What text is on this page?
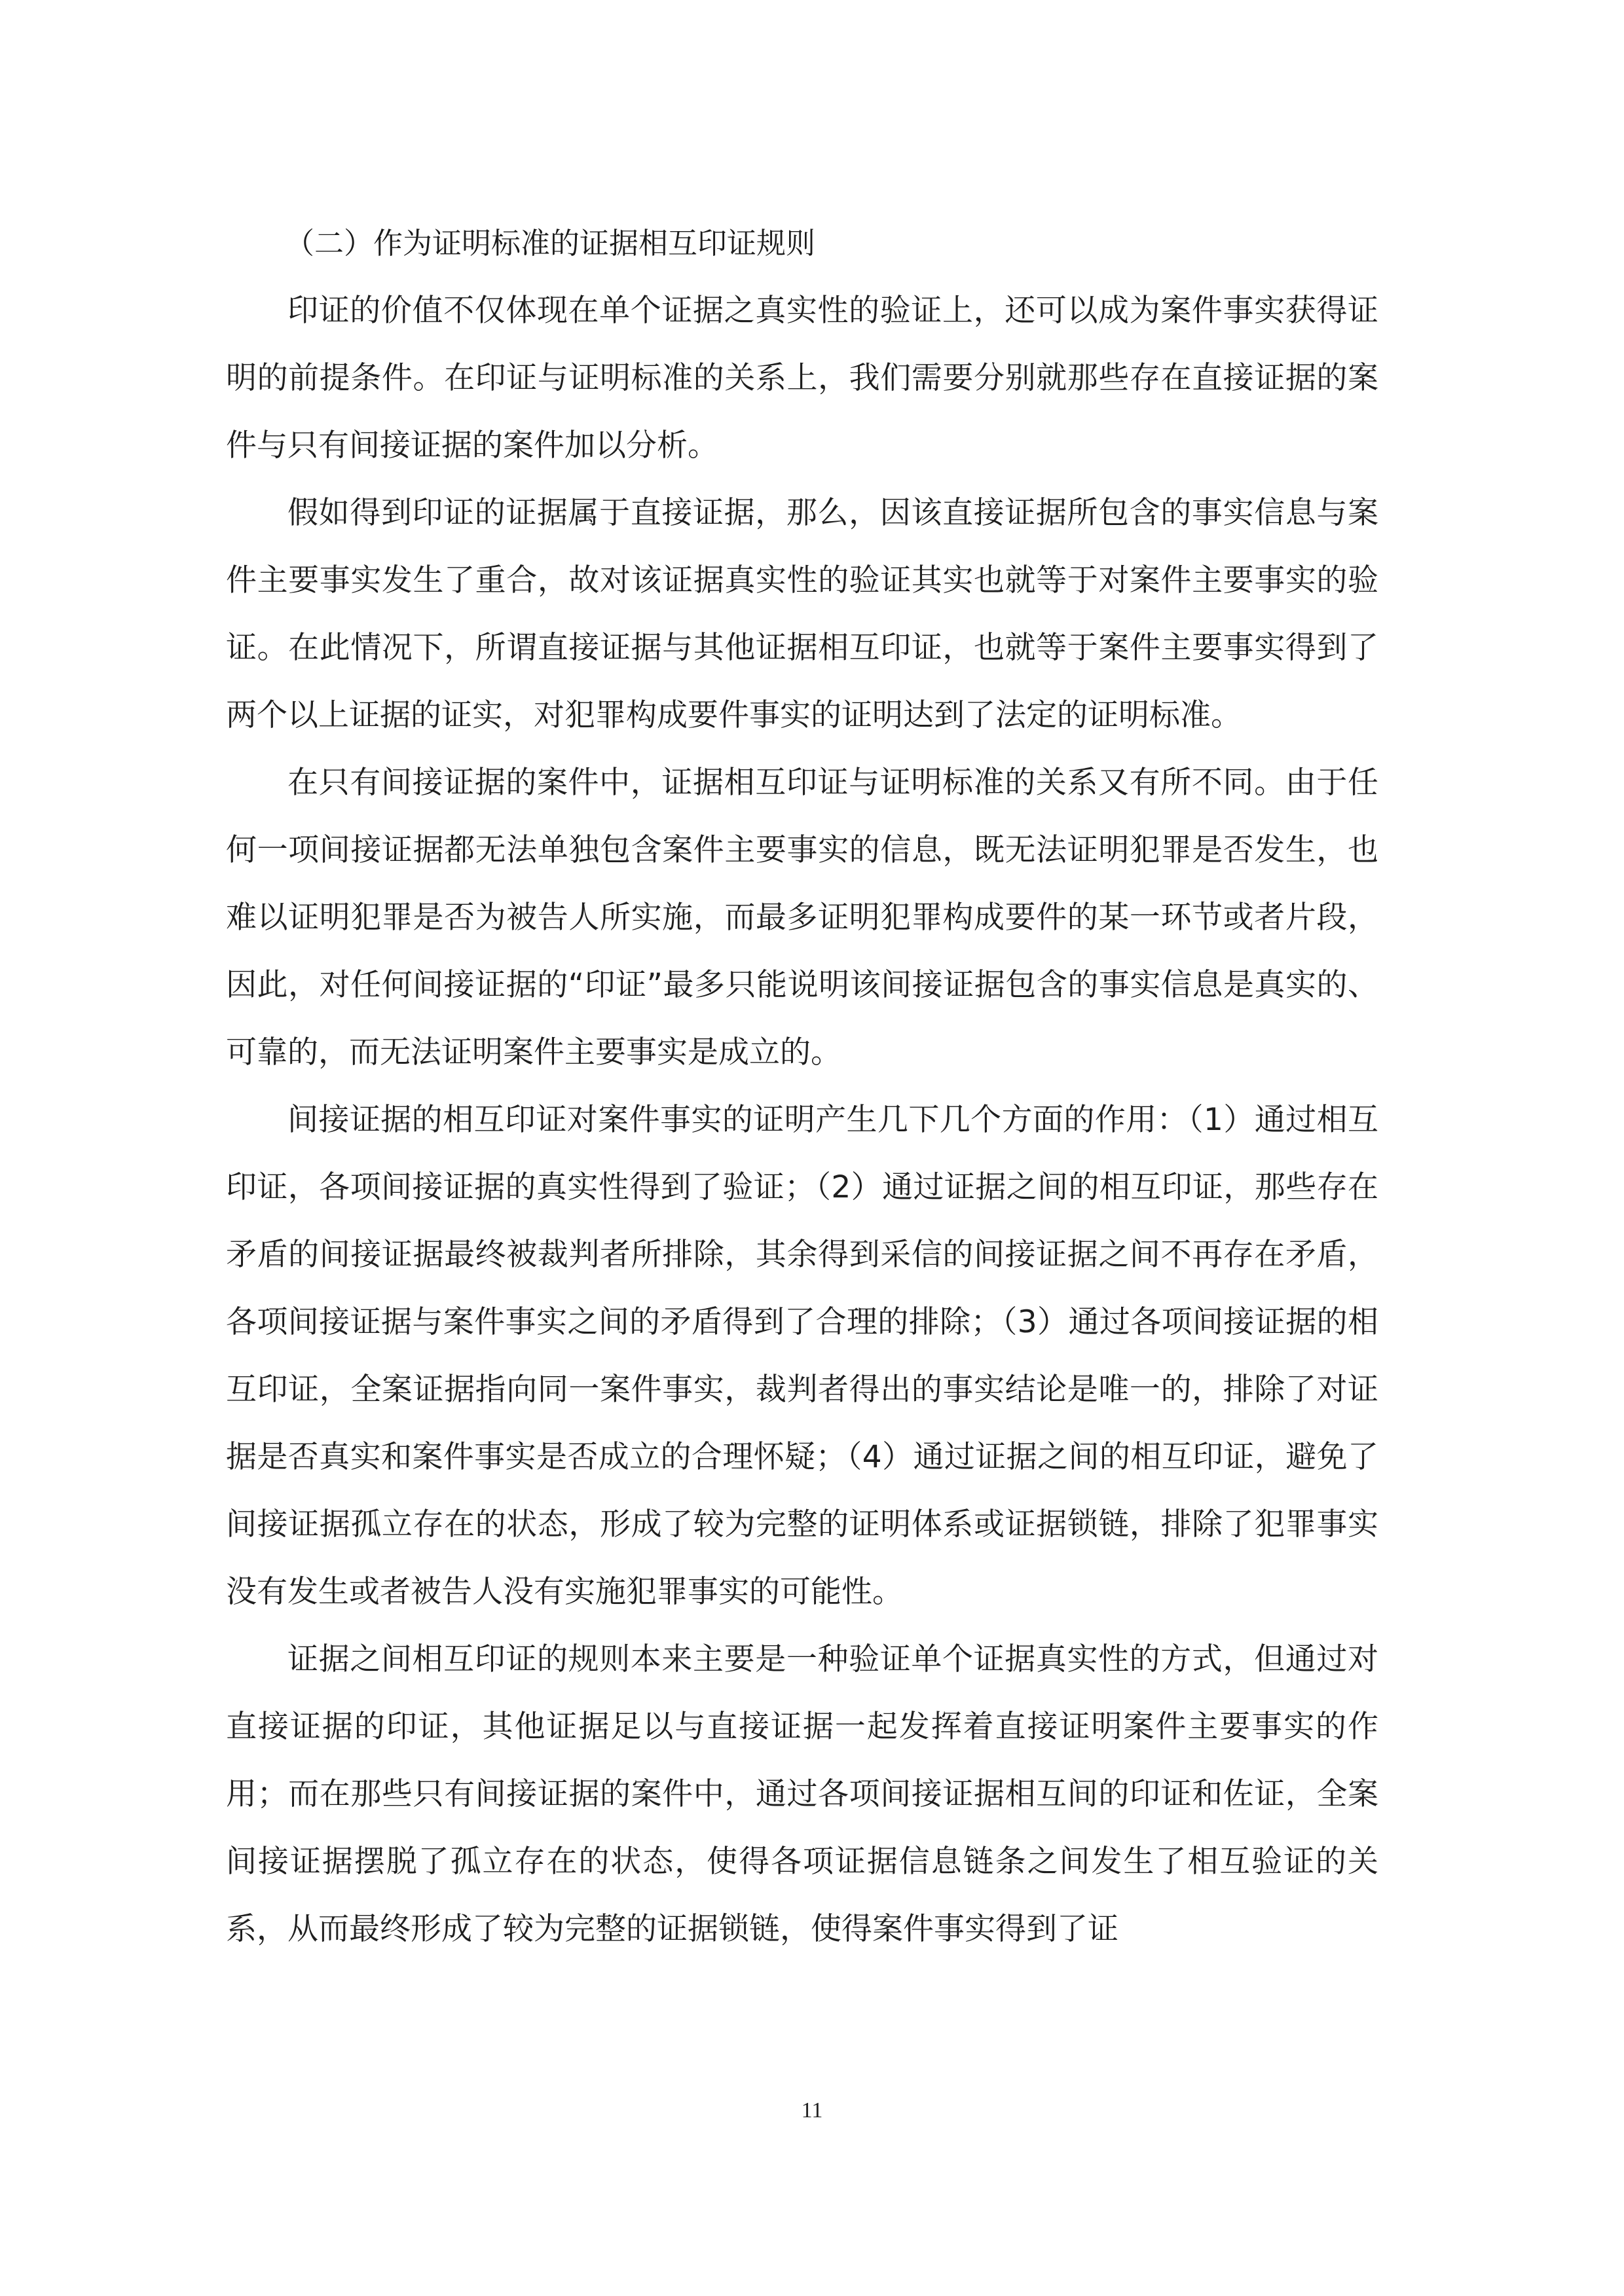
（二）作为证明标准的证据相互印证规则

印证的价值不仅体现在单个证据之真实性的验证上，还可以成为案件事实获得证明的前提条件。在印证与证明标准的关系上，我们需要分别就那些存在直接证据的案件与只有间接证据的案件加以分析。

假如得到印证的证据属于直接证据，那么，因该直接证据所包含的事实信息与案件主要事实发生了重合，故对该证据真实性的验证其实也就等于对案件主要事实的验证。在此情况下，所谓直接证据与其他证据相互印证，也就等于案件主要事实得到了两个以上证据的证实，对犯罪构成要件事实的证明达到了法定的证明标准。

在只有间接证据的案件中，证据相互印证与证明标准的关系又有所不同。由于任何一项间接证据都无法单独包含案件主要事实的信息，既无法证明犯罪是否发生，也难以证明犯罪是否为被告人所实施，而最多证明犯罪构成要件的某一环节或者片段，因此，对任何间接证据的“印证”最多只能说明该间接证据包含的事实信息是真实的、可靠的，而无法证明案件主要事实是成立的。

间接证据的相互印证对案件事实的证明产生几下几个方面的作用：（1）通过相互印证，各项间接证据的真实性得到了验证；（2）通过证据之间的相互印证，那些存在矛盾的间接证据最终被裁判者所排除，其余得到采信的间接证据之间不再存在矛盾，各项间接证据与案件事实之间的矛盾得到了合理的排除；（3）通过各项间接证据的相互印证，全案证据指向同一案件事实，裁判者得出的事实结论是唯一的，排除了对证据是否真实和案件事实是否成立的合理怀疑；（4）通过证据之间的相互印证，避免了间接证据孤立存在的状态，形成了较为完整的证明体系或证据锁链，排除了犯罪事实没有发生或者被告人没有实施犯罪事实的可能性。

证据之间相互印证的规则本来主要是一种验证单个证据真实性的方式，但通过对直接证据的印证，其他证据足以与直接证据一起发挥着直接证明案件主要事实的作用；而在那些只有间接证据的案件中，通过各项间接证据相互间的印证和佐证，全案间接证据摆脱了孤立存在的状态，使得各项证据信息链条之间发生了相互验证的关系，从而最终形成了较为完整的证据锁链，使得案件事实得到了证

11
